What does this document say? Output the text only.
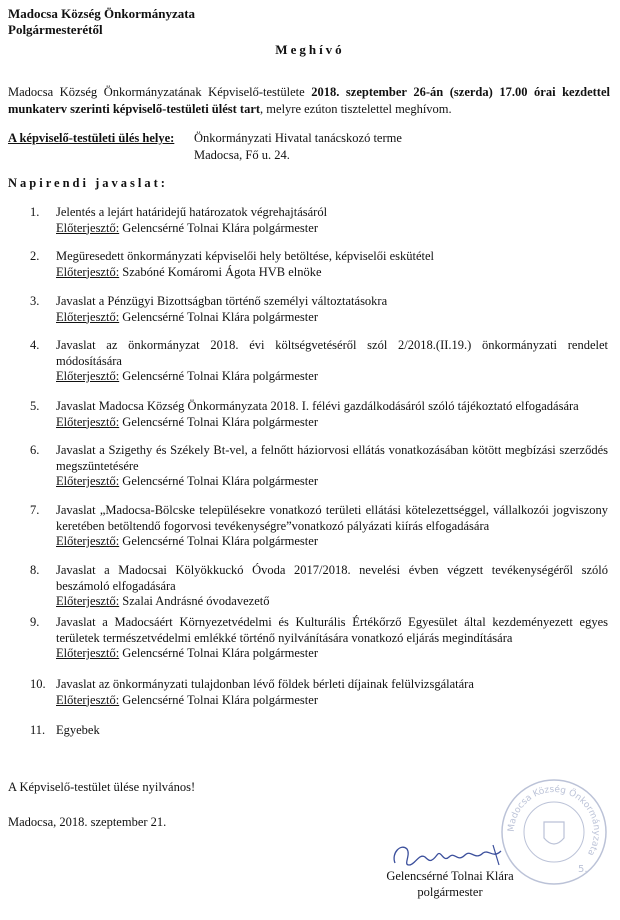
Madocsa Község Önkormányzata
Polgármesterétől
Meghívó
Madocsa Község Önkormányzatának Képviselő-testülete 2018. szeptember 26-án (szerda) 17.00 órai kezdettel munkaterv szerinti képviselő-testületi ülést tart, melyre ezúton tisztelettel meghívom.
A képviselő-testületi ülés helye: Önkormányzati Hivatal tanácskozó terme
Madocsa, Fő u. 24.
Napirendi javaslat:
1.	Jelentés a lejárt határidejű határozatok végrehajtásáról
Előterjesztő: Gelencsérné Tolnai Klára polgármester
2.	Megüresedett önkormányzati képviselői hely betöltése, képviselői eskütétel
Előterjesztő: Szabóné Komáromi Ágota HVB elnöke
3.	Javaslat a Pénzügyi Bizottságban történő személyi változtatásokra
Előterjesztő: Gelencsérné Tolnai Klára polgármester
4.	Javaslat az önkormányzat 2018. évi költségvetéséről szól 2/2018.(II.19.) önkormányzati rendelet módosítására
Előterjesztő: Gelencsérné Tolnai Klára polgármester
5.	Javaslat Madocsa Község Önkormányzata 2018. I. félévi gazdálkodásáról szóló tájékoztató elfogadására
Előterjesztő: Gelencsérné Tolnai Klára polgármester
6.	Javaslat a Szigethy és Székely Bt-vel, a felnőtt háziorvosi ellátás vonatkozásában kötött megbízási szerződés megszüntetésére
Előterjesztő: Gelencsérné Tolnai Klára polgármester
7.	Javaslat „Madocsa-Bölcske településekre vonatkozó területi ellátási kötelezettséggel, vállalkozói jogviszony keretében betöltendő fogorvosi tevékenységre”vonatkozó pályázati kiírás elfogadására
Előterjesztő: Gelencsérné Tolnai Klára polgármester
8.	Javaslat a Madocsai Kölyökkuckó Óvoda 2017/2018. nevelési évben végzett tevékenységéről szóló beszámoló elfogadására
Előterjesztő: Szalai Andrásné óvodavezető
9.	Javaslat a Madocsáért Környezetvédelmi és Kulturális Értékőrző Egyesület által kezdeményezett egyes területek természetvédelmi emlékké történő nyilvánítására vonatkozó eljárás megindítására
Előterjesztő: Gelencsérné Tolnai Klára polgármester
10. Javaslat az önkormányzati tulajdonban lévő földek bérleti díjainak felülvizsgálatára
Előterjesztő: Gelencsérné Tolnai Klára polgármester
11. Egyebek
A Képviselő-testület ülése nyilvános!
Madocsa, 2018. szeptember 21.	Madocsa Község Önkormányzata
5.
Gelencsérné Tolnai Klára
polgármester
